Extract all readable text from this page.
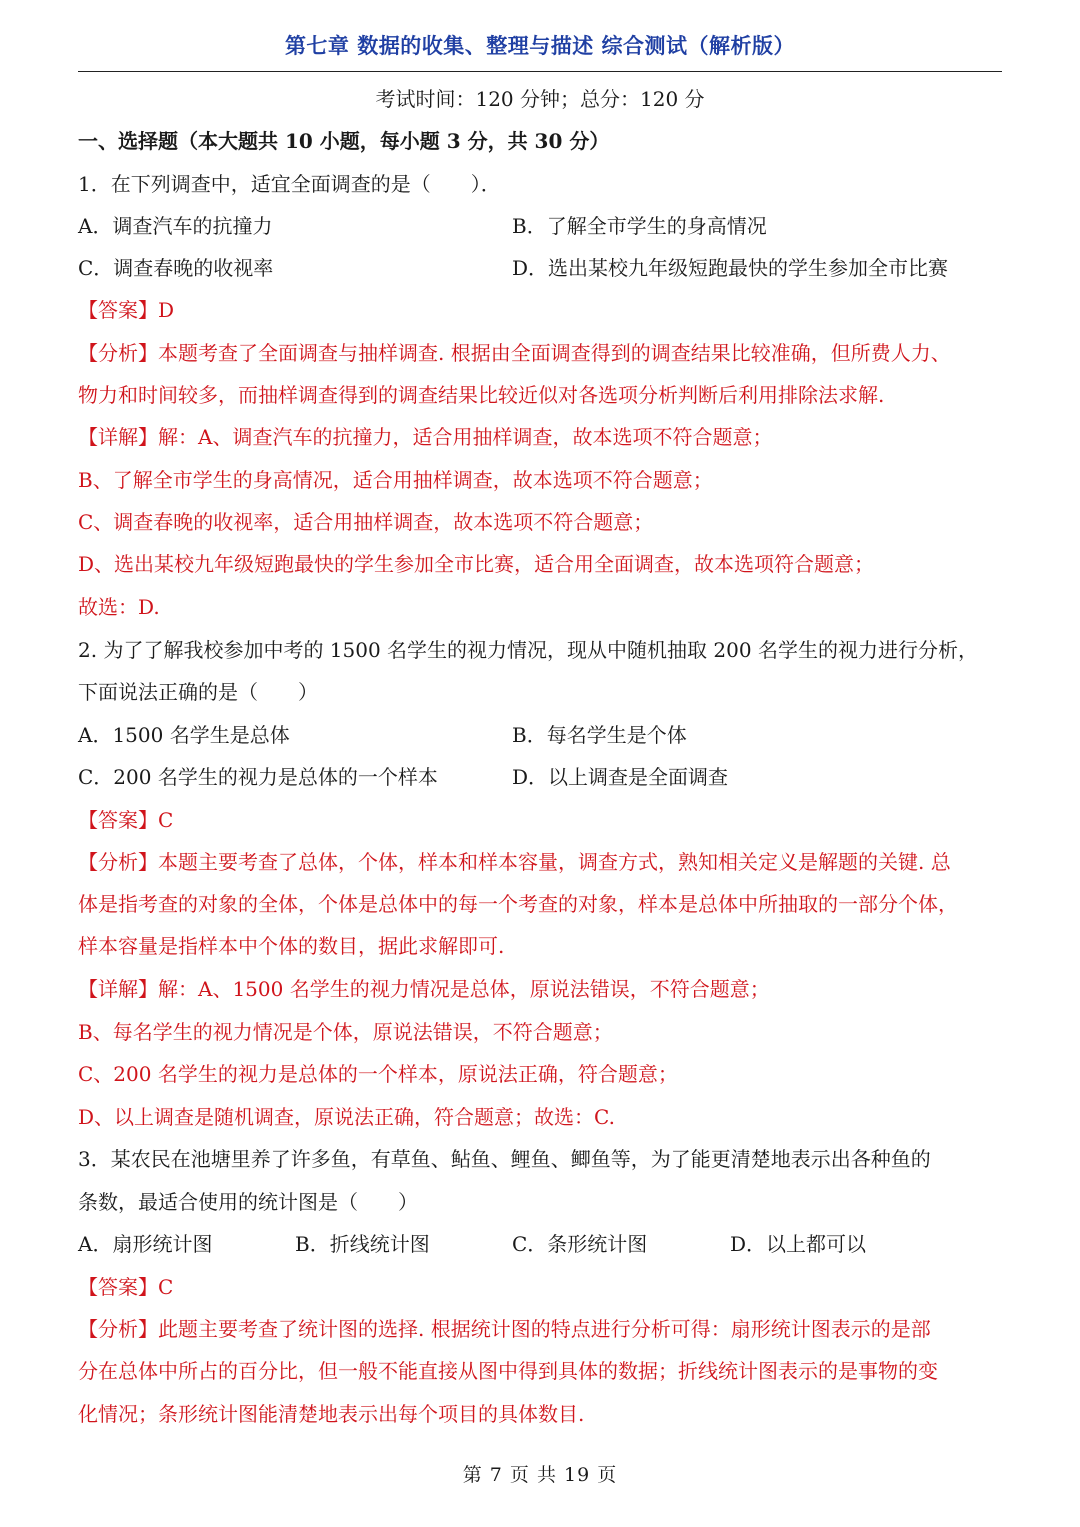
第七章 数据的收集、整理与描述 综合测试（解析版）
考试时间：120 分钟；总分：120 分
一、选择题（本大题共 10 小题，每小题 3 分，共 30 分）
1．在下列调查中，适宜全面调查的是（　　）．
A．调查汽车的抗撞力	B．了解全市学生的身高情况
C．调查春晚的收视率	D．选出某校九年级短跑最快的学生参加全市比赛
【答案】D
【分析】本题考查了全面调查与抽样调查. 根据由全面调查得到的调查结果比较准确，但所费人力、
物力和时间较多，而抽样调查得到的调查结果比较近似对各选项分析判断后利用排除法求解.
【详解】解：A、调查汽车的抗撞力，适合用抽样调查，故本选项不符合题意；
B、了解全市学生的身高情况，适合用抽样调查，故本选项不符合题意；
C、调查春晚的收视率，适合用抽样调查，故本选项不符合题意；
D、选出某校九年级短跑最快的学生参加全市比赛，适合用全面调查，故本选项符合题意；
故选：D.
2. 为了了解我校参加中考的 1500 名学生的视力情况，现从中随机抽取 200 名学生的视力进行分析，
下面说法正确的是（　　）
A．1500 名学生是总体	B．每名学生是个体
C．200 名学生的视力是总体的一个样本	D．以上调查是全面调查
【答案】C
【分析】本题主要考查了总体，个体，样本和样本容量，调查方式，熟知相关定义是解题的关键. 总
体是指考查的对象的全体，个体是总体中的每一个考查的对象，样本是总体中所抽取的一部分个体，
样本容量是指样本中个体的数目，据此求解即可.
【详解】解：A、1500 名学生的视力情况是总体，原说法错误，不符合题意；
B、每名学生的视力情况是个体，原说法错误，不符合题意；
C、200 名学生的视力是总体的一个样本，原说法正确，符合题意；
D、以上调查是随机调查，原说法正确，符合题意；故选：C.
3．某农民在池塘里养了许多鱼，有草鱼、鲇鱼、鲤鱼、鲫鱼等，为了能更清楚地表示出各种鱼的
条数，最适合使用的统计图是（　　）
A．扇形统计图	B．折线统计图	C．条形统计图	D．以上都可以
【答案】C
【分析】此题主要考查了统计图的选择. 根据统计图的特点进行分析可得：扇形统计图表示的是部
分在总体中所占的百分比，但一般不能直接从图中得到具体的数据；折线统计图表示的是事物的变
化情况；条形统计图能清楚地表示出每个项目的具体数目.
第 7 页 共 19 页
